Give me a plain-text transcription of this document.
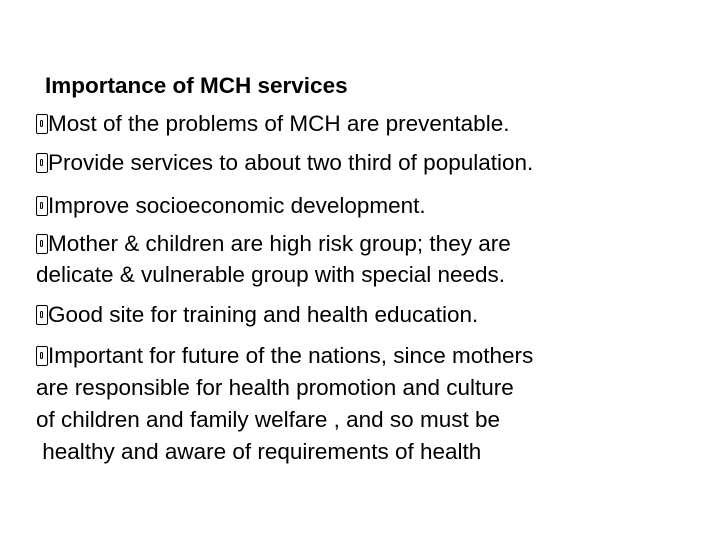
Importance of MCH services
Most of the problems of MCH are preventable.
Provide services to about two third of population.
Improve socioeconomic development.
Mother & children are high risk group; they are
delicate & vulnerable group with special needs.
Good site for training and health education.
Important for future of the nations, since mothers
are responsible for health promotion and culture
of children and family welfare , and so must be
healthy and aware of requirements of health
